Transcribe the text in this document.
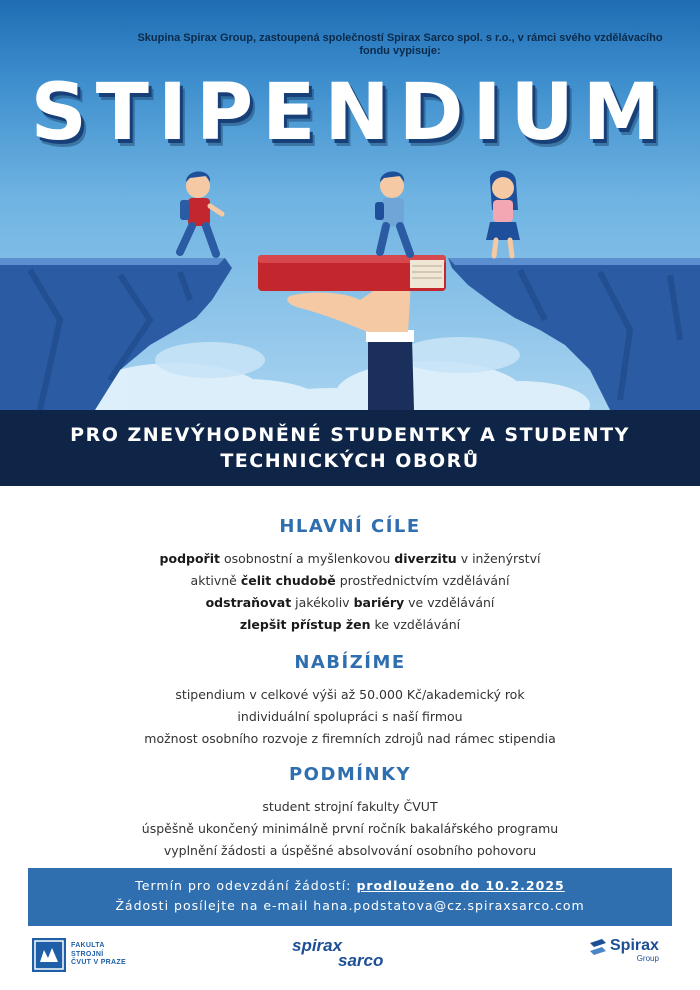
Skupina Spirax Group, zastoupená společností Spirax Sarco spol. s r.o., v rámci svého vzdělávacího
fondu vypisuje:
STIPENDIUM
PRO ZNEVÝHODNĚNÉ STUDENTKY A STUDENTY
TECHNICKÝCH OBORŮ
HLAVNÍ CÍLE
podpořit osobnostní a myšlenkovou diverzitu v inženýrství
aktivně čelit chudobě prostřednictvím vzdělávání
odstraňovat jakékoliv bariéry ve vzdělávání
zlepšit přístup žen ke vzdělávání
NABÍZÍME
stipendium v celkové výši až 50.000 Kč/akademický rok
individuální spolupráci s naší firmou
možnost osobního rozvoje z firemních zdrojů nad rámec stipendia
PODMÍNKY
student strojní fakulty ČVUT
úspěšně ukončený minimálně první ročník bakalářského programu
vyplnění žádosti a úspěšné absolvování osobního pohovoru
Termín pro odevzdání žádostí: prodlouženo do 10.2.2025
Žádosti posílejte na e-mail hana.podstatova@cz.spiraxsarco.com
FAKULTA
STROJNÍ
ČVUT V PRAZE
spirax
sarco
Spirax
Group
